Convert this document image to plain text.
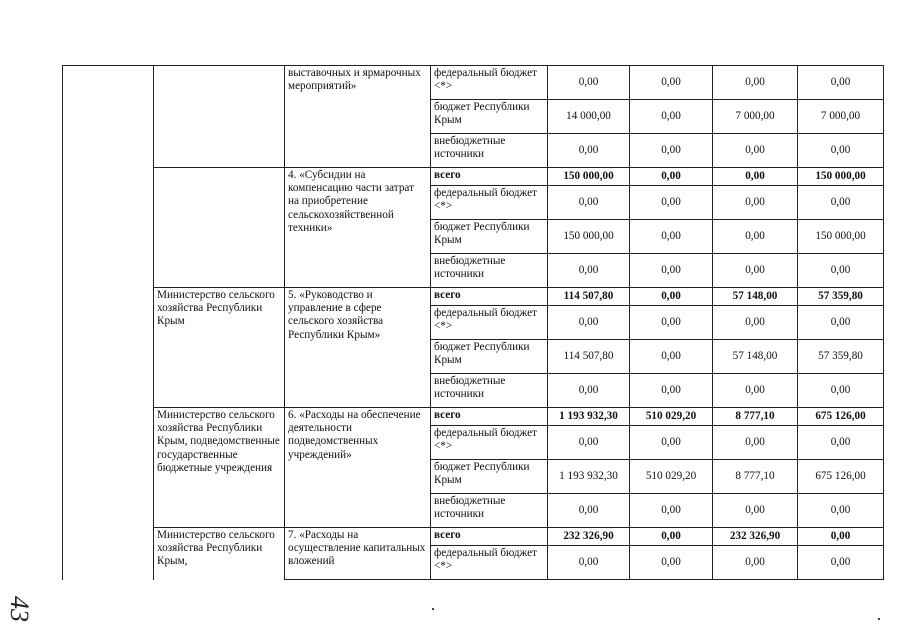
43
		выставочных и ярмарочных мероприятий»	федеральный бюджет <*>	0,00	0,00	0,00	0,00
			бюджет Республики Крым	14 000,00	0,00	7 000,00	7 000,00
			внебюджетные источники	0,00	0,00	0,00	0,00
		4. «Субсидии на компенсацию части затрат на приобретение сельскохозяйственной техники»	всего	150 000,00	0,00	0,00	150 000,00
			федеральный бюджет <*>	0,00	0,00	0,00	0,00
			бюджет Республики Крым	150 000,00	0,00	0,00	150 000,00
			внебюджетные источники	0,00	0,00	0,00	0,00
	Министерство сельского хозяйства Республики Крым	5. «Руководство и управление в сфере сельского хозяйства Республики Крым»	всего	114 507,80	0,00	57 148,00	57 359,80
			федеральный бюджет <*>	0,00	0,00	0,00	0,00
			бюджет Республики Крым	114 507,80	0,00	57 148,00	57 359,80
			внебюджетные источники	0,00	0,00	0,00	0,00
	Министерство сельского хозяйства Республики Крым, подведомственные государственные бюджетные учреждения	6. «Расходы на обеспечение деятельности подведомственных учреждений»	всего	1 193 932,30	510 029,20	8 777,10	675 126,00
			федеральный бюджет <*>	0,00	0,00	0,00	0,00
			бюджет Республики Крым	1 193 932,30	510 029,20	8 777,10	675 126,00
			внебюджетные источники	0,00	0,00	0,00	0,00
	Министерство сельского хозяйства Республики Крым,	7. «Расходы на осуществление капитальных вложений	всего	232 326,90	0,00	232 326,90	0,00
			федеральный бюджет <*>	0,00	0,00	0,00	0,00
